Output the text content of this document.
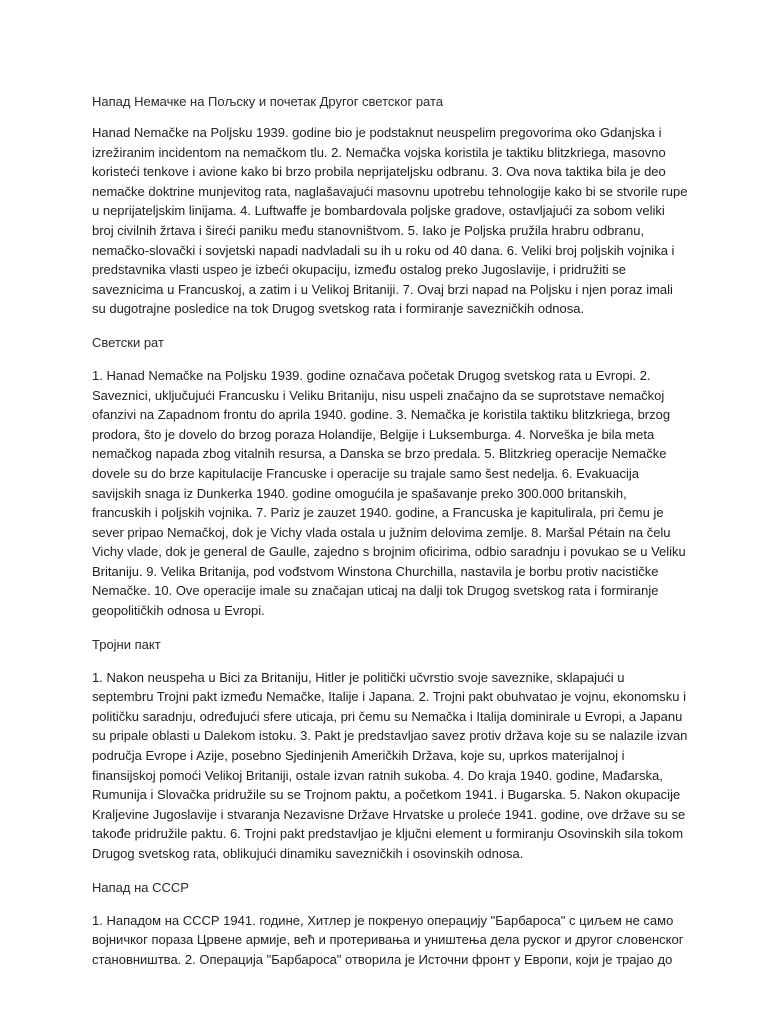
Напад Немачке на Пољску и почетак Другог светског рата

Hanad Nemačke na Poljsku 1939. godine bio je podstaknut neuspelim pregovorima oko Gdanjska i izrežiranim incidentom na nemačkom tlu. 2. Nemačka vojska koristila je taktiku blitzkriega, masovno koristeći tenkove i avione kako bi brzo probila neprijateljsku odbranu. 3. Ova nova taktika bila je deo nemačke doktrine munjevitog rata, naglašavajući masovnu upotrebu tehnologije kako bi se stvorile rupe u neprijateljskim linijama. 4. Luftwaffe je bombardovala poljske gradove, ostavljajući za sobom veliki broj civilnih žrtava i šireći paniku među stanovništvom. 5. Iako je Poljska pružila hrabru odbranu, nemačko-slovački i sovjetski napadi nadvladali su ih u roku od 40 dana. 6. Veliki broj poljskih vojnika i predstavnika vlasti uspeo je izbeći okupaciju, između ostalog preko Jugoslavije, i pridružiti se saveznicima u Francuskoj, a zatim i u Velikoj Britaniji. 7. Ovaj brzi napad na Poljsku i njen poraz imali su dugotrajne posledice na tok Drugog svetskog rata i formiranje savezničkih odnosa.

Светски рат

1. Hanad Nemačke na Poljsku 1939. godine označava početak Drugog svetskog rata u Evropi. 2. Saveznici, uključujući Francusku i Veliku Britaniju, nisu uspeli značajno da se suprotstave nemačkoj ofanzivi na Zapadnom frontu do aprila 1940. godine. 3. Nemačka je koristila taktiku blitzkriega, brzog prodora, što je dovelo do brzog poraza Holandije, Belgije i Luksemburga. 4. Norveška je bila meta nemačkog napada zbog vitalnih resursa, a Danska se brzo predala. 5. Blitzkrieg operacije Nemačke dovele su do brze kapitulacije Francuske i operacije su trajale samo šest nedelja. 6. Evakuacija savijskih snaga iz Dunkerka 1940. godine omogućila je spašavanje preko 300.000 britanskih, francuskih i poljskih vojnika. 7. Pariz je zauzet 1940. godine, a Francuska je kapitulirala, pri čemu je sever pripao Nemačkoj, dok je Vichy vlada ostala u južnim delovima zemlje. 8. Maršal Pétain na čelu Vichy vlade, dok je general de Gaulle, zajedno s brojnim oficirima, odbio saradnju i povukao se u Veliku Britaniju. 9. Velika Britanija, pod vođstvom Winstona Churchilla, nastavila je borbu protiv nacističke Nemačke. 10. Ove operacije imale su značajan uticaj na dalji tok Drugog svetskog rata i formiranje geopolitičkih odnosa u Evropi.

Тројни пакт

1. Nakon neuspeha u Bici za Britaniju, Hitler je politički učvrstio svoje saveznike, sklapajući u septembru Trojni pakt između Nemačke, Italije i Japana. 2. Trojni pakt obuhvatao je vojnu, ekonomsku i političku saradnju, određujući sfere uticaja, pri čemu su Nemačka i Italija dominirale u Evropi, a Japanu su pripale oblasti u Dalekom istoku. 3. Pakt je predstavljao savez protiv država koje su se nalazile izvan područja Evrope i Azije, posebno Sjedinjenih Američkih Država, koje su, uprkos materijalnoj i finansijskoj pomoći Velikoj Britaniji, ostale izvan ratnih sukoba. 4. Do kraja 1940. godine, Mađarska, Rumunija i Slovačka pridružile su se Trojnom paktu, a početkom 1941. i Bugarska. 5. Nakon okupacije Kraljevine Jugoslavije i stvaranja Nezavisne Države Hrvatske u proleće 1941. godine, ove države su se takođe pridružile paktu. 6. Trojni pakt predstavljao je ključni element u formiranju Osovinskih sila tokom Drugog svetskog rata, oblikujući dinamiku savezničkih i osovinskih odnosa.

Напад на СССР

1. Нападом на СССР 1941. године, Хитлер је покренуо операцију "Барбароса" с циљем не само војничког пораза Црвене армије, већ и протеривања и уништења дела руског и другог словенског становништва. 2. Операција "Барбароса" отворила је Источни фронт у Европи, који је трајао до
